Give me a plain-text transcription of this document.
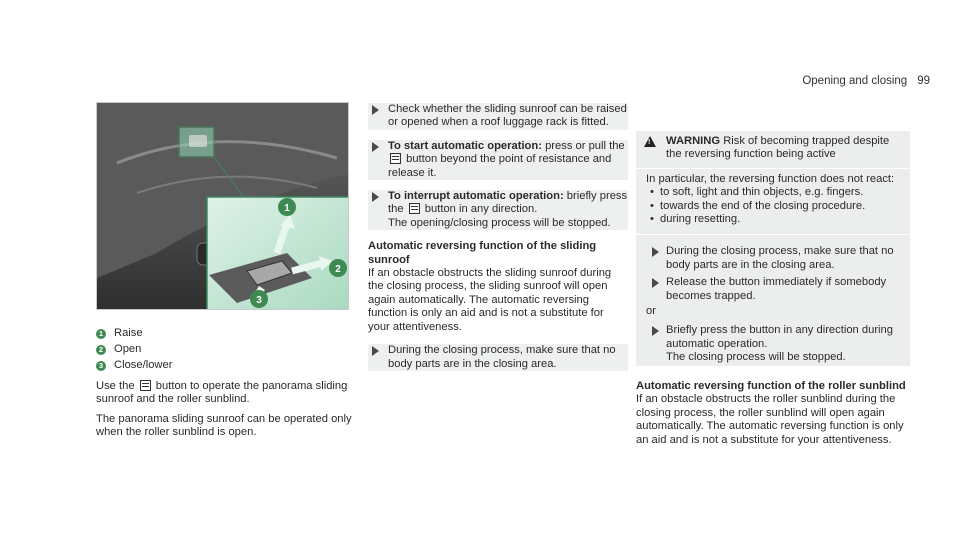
Opening and closing 99
1
2
3
1 Raise
2 Open
3 Close/lower

Use the button to operate the panorama sliding sunroof and the roller sunblind.

The panorama sliding sunroof can be operated only when the roller sunblind is open.

Check whether the sliding sunroof can be raised or opened when a roof luggage rack is fitted.
To start automatic operation: press or pull the  button beyond the point of resistance and release it.
To interrupt automatic operation: briefly press the button in any direction.
The opening/closing process will be stopped.
Automatic reversing function of the sliding sunroof

If an obstacle obstructs the sliding sunroof during the closing process, the sliding sunroof will open again automatically. The automatic reversing function is only an aid and is not a substitute for your attentiveness.

During the closing process, make sure that no body parts are in the closing area.
! WARNING Risk of becoming trapped despite the reversing function being active
In particular, the reversing function does not react:
• to soft, light and thin objects, e.g. fingers.
• towards the end of the closing procedure.
• during resetting.
During the closing process, make sure that no body parts are in the closing area.
Release the button immediately if somebody becomes trapped.
or
Briefly press the button in any direction during automatic operation.
The closing process will be stopped.
Automatic reversing function of the roller sunblind

If an obstacle obstructs the roller sunblind during the closing process, the roller sunblind will open again automatically. The automatic reversing function is only an aid and is not a substitute for your attentiveness.
